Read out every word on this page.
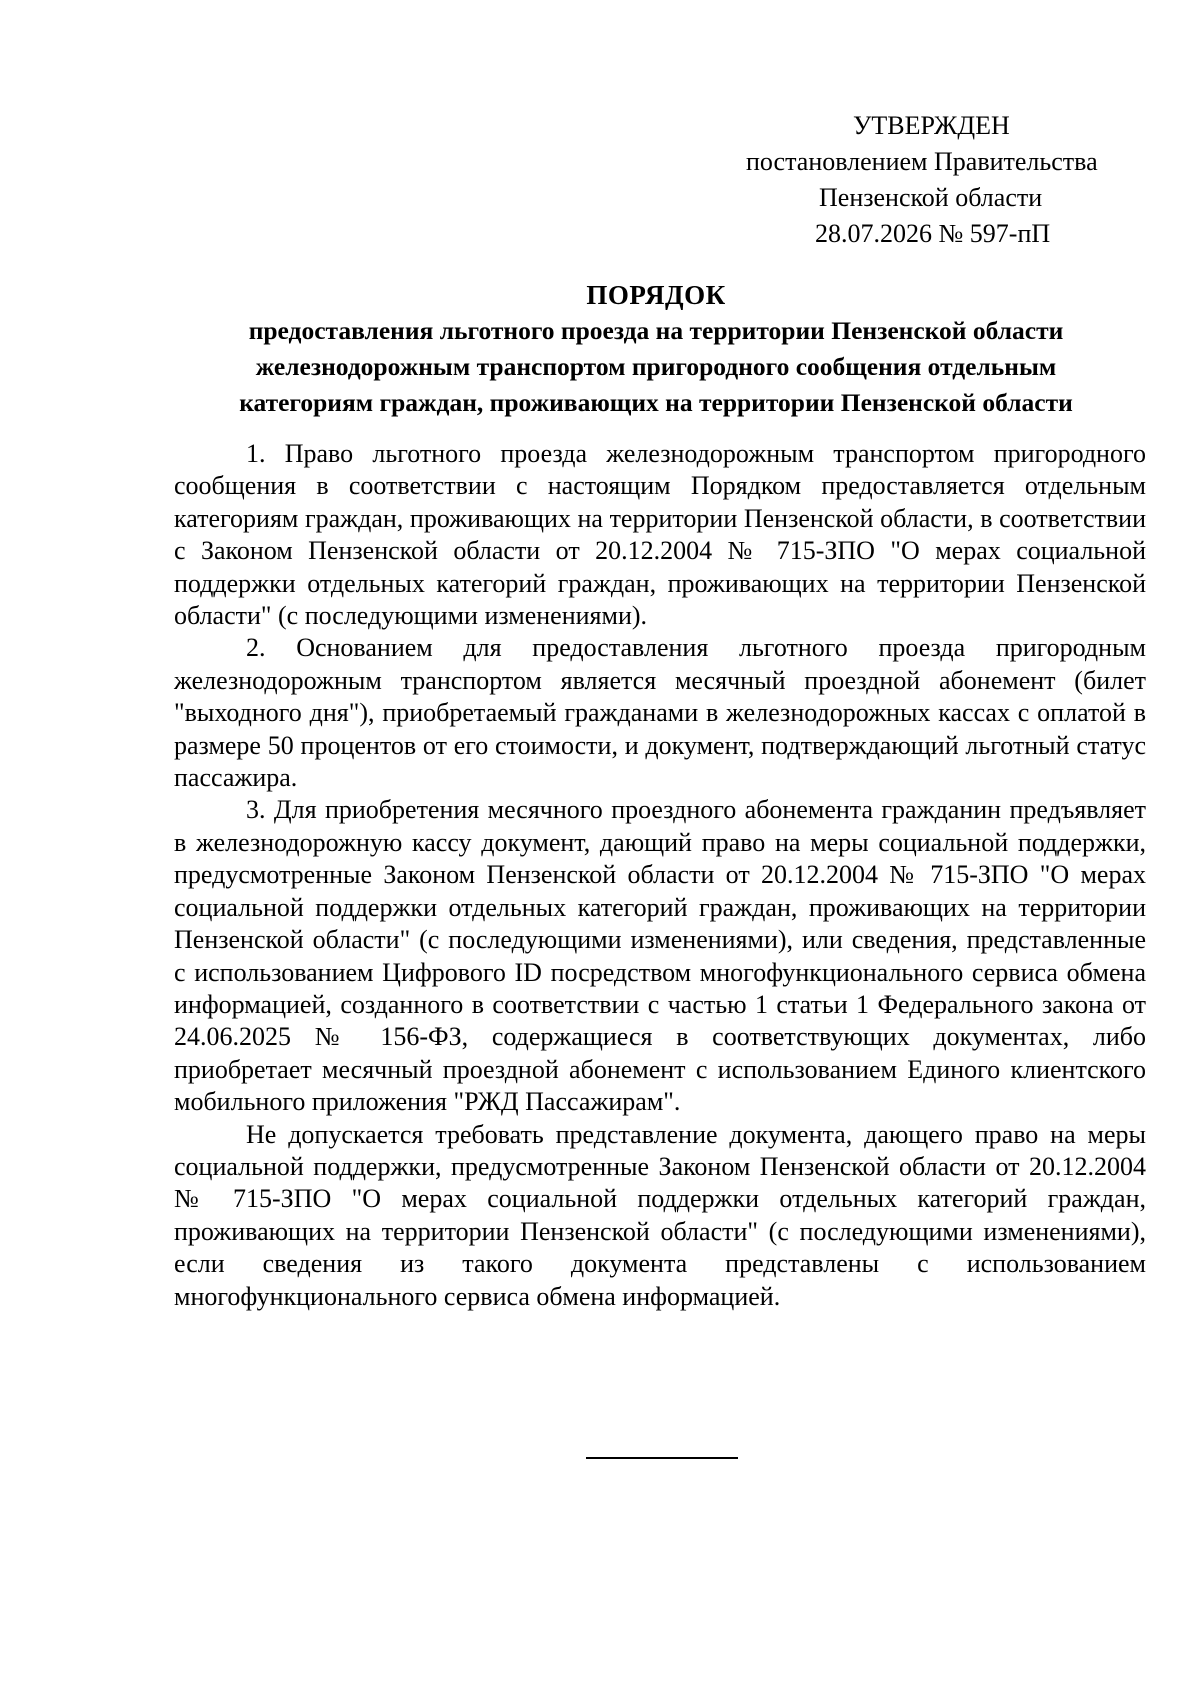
УТВЕРЖДЕН
постановлением Правительства
Пензенской области
28.07.2026 № 597-пП
ПОРЯДОК
предоставления льготного проезда на территории Пензенской области
железнодорожным транспортом пригородного сообщения отдельным
категориям граждан, проживающих на территории Пензенской области

1. Право льготного проезда железнодорожным транспортом пригородного сообщения в соответствии с настоящим Порядком предоставляется отдельным категориям граждан, проживающих на территории Пензенской области, в соответствии с Законом Пензенской области от 20.12.2004 № 715-ЗПО "О мерах социальной поддержки отдельных категорий граждан, проживающих на территории Пензенской области" (с последующими изменениями).

2. Основанием для предоставления льготного проезда пригородным железнодорожным транспортом является месячный проездной абонемент (билет "выходного дня"), приобретаемый гражданами в железнодорожных кассах с оплатой в размере 50 процентов от его стоимости, и документ, подтверждающий льготный статус пассажира.

3. Для приобретения месячного проездного абонемента гражданин предъявляет в железнодорожную кассу документ, дающий право на меры социальной поддержки, предусмотренные Законом Пензенской области от 20.12.2004 № 715-ЗПО "О мерах социальной поддержки отдельных категорий граждан, проживающих на территории Пензенской области" (с последующими изменениями), или сведения, представленные с использованием Цифрового ID посредством многофункционального сервиса обмена информацией, созданного в соответствии с частью 1 статьи 1 Федерального закона от 24.06.2025 № 156-ФЗ, содержащиеся в соответствующих документах, либо приобретает месячный проездной абонемент с использованием Единого клиентского мобильного приложения "РЖД Пассажирам".

Не допускается требовать представление документа, дающего право на меры социальной поддержки, предусмотренные Законом Пензенской области от 20.12.2004 № 715-ЗПО "О мерах социальной поддержки отдельных категорий граждан, проживающих на территории Пензенской области" (с последующими изменениями), если сведения из такого документа представлены с использованием многофункционального сервиса обмена информацией.
